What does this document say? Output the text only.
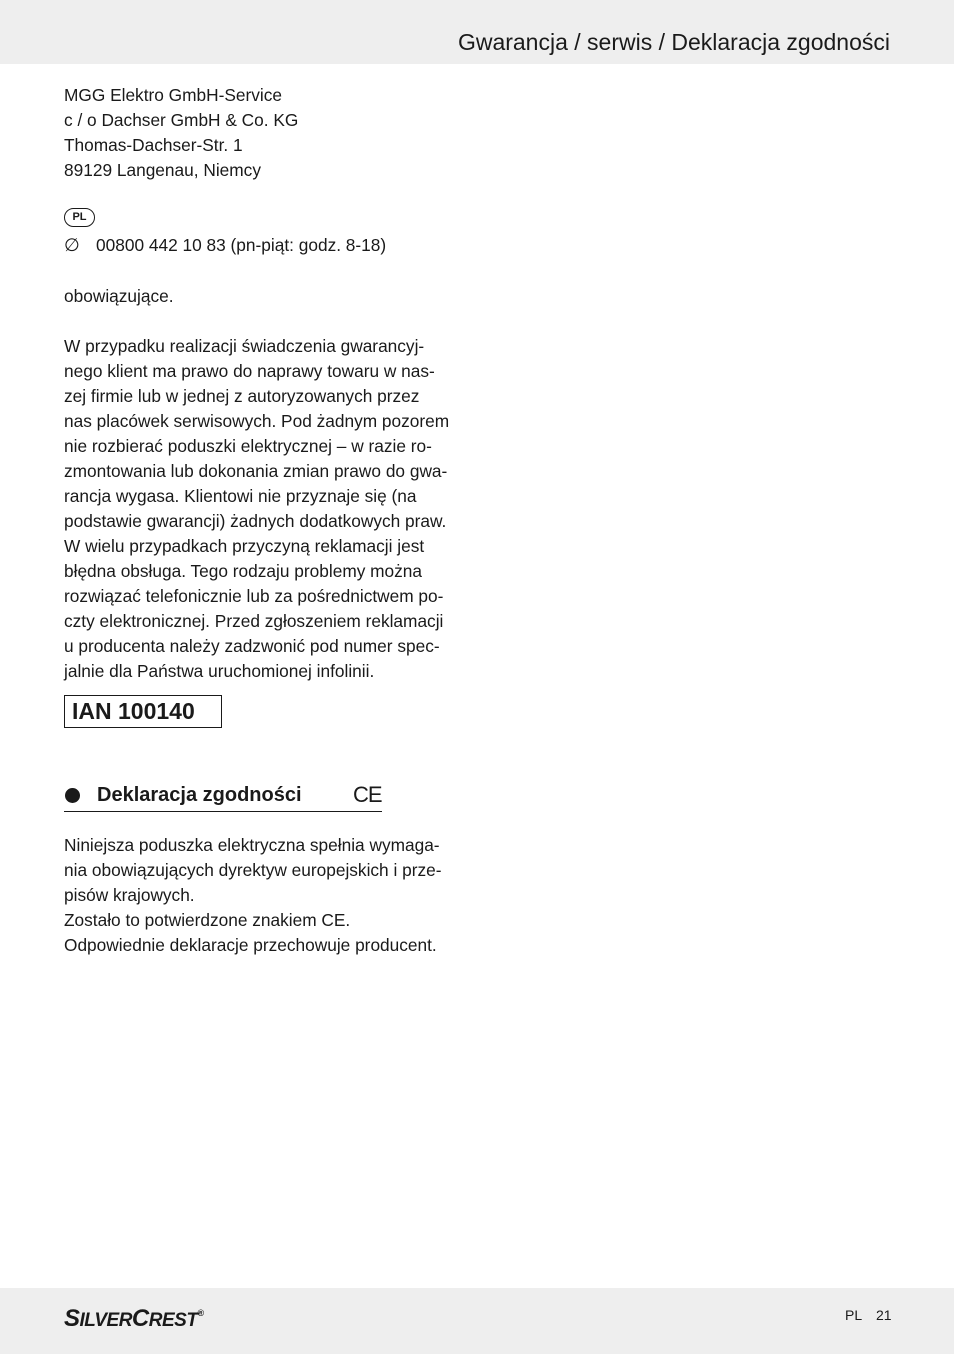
Gwarancja / serwis / Deklaracja zgodności
MGG Elektro GmbH-Service
c / o Dachser GmbH & Co. KG
Thomas-Dachser-Str. 1
89129 Langenau, Niemcy
PL
∅ 00800 442 10 83 (pn-piąt: godz. 8-18)
obowiązujące.
W przypadku realizacji świadczenia gwarancyj-
nego klient ma prawo do naprawy towaru w nas-
zej firmie lub w jednej z autoryzowanych przez
nas placówek serwisowych. Pod żadnym pozorem
nie rozbierać poduszki elektrycznej – w razie ro-
zmontowania lub dokonania zmian prawo do gwa-
rancja wygasa. Klientowi nie przyznaje się (na
podstawie gwarancji) żadnych dodatkowych praw.
W wielu przypadkach przyczyną reklamacji jest
błędna obsługa. Tego rodzaju problemy można
rozwiązać telefonicznie lub za pośrednictwem po-
czty elektronicznej. Przed zgłoszeniem reklamacji
u producenta należy zadzwonić pod numer spec-
jalnie dla Państwa uruchomionej infolinii.
IAN 100140
Deklaracja zgodności CE
Niniejsza poduszka elektryczna spełnia wymaga-
nia obowiązujących dyrektyw europejskich i prze-
pisów krajowych.
Zostało to potwierdzone znakiem CE.
Odpowiednie deklaracje przechowuje producent.
SILVERCREST®	PL 21
